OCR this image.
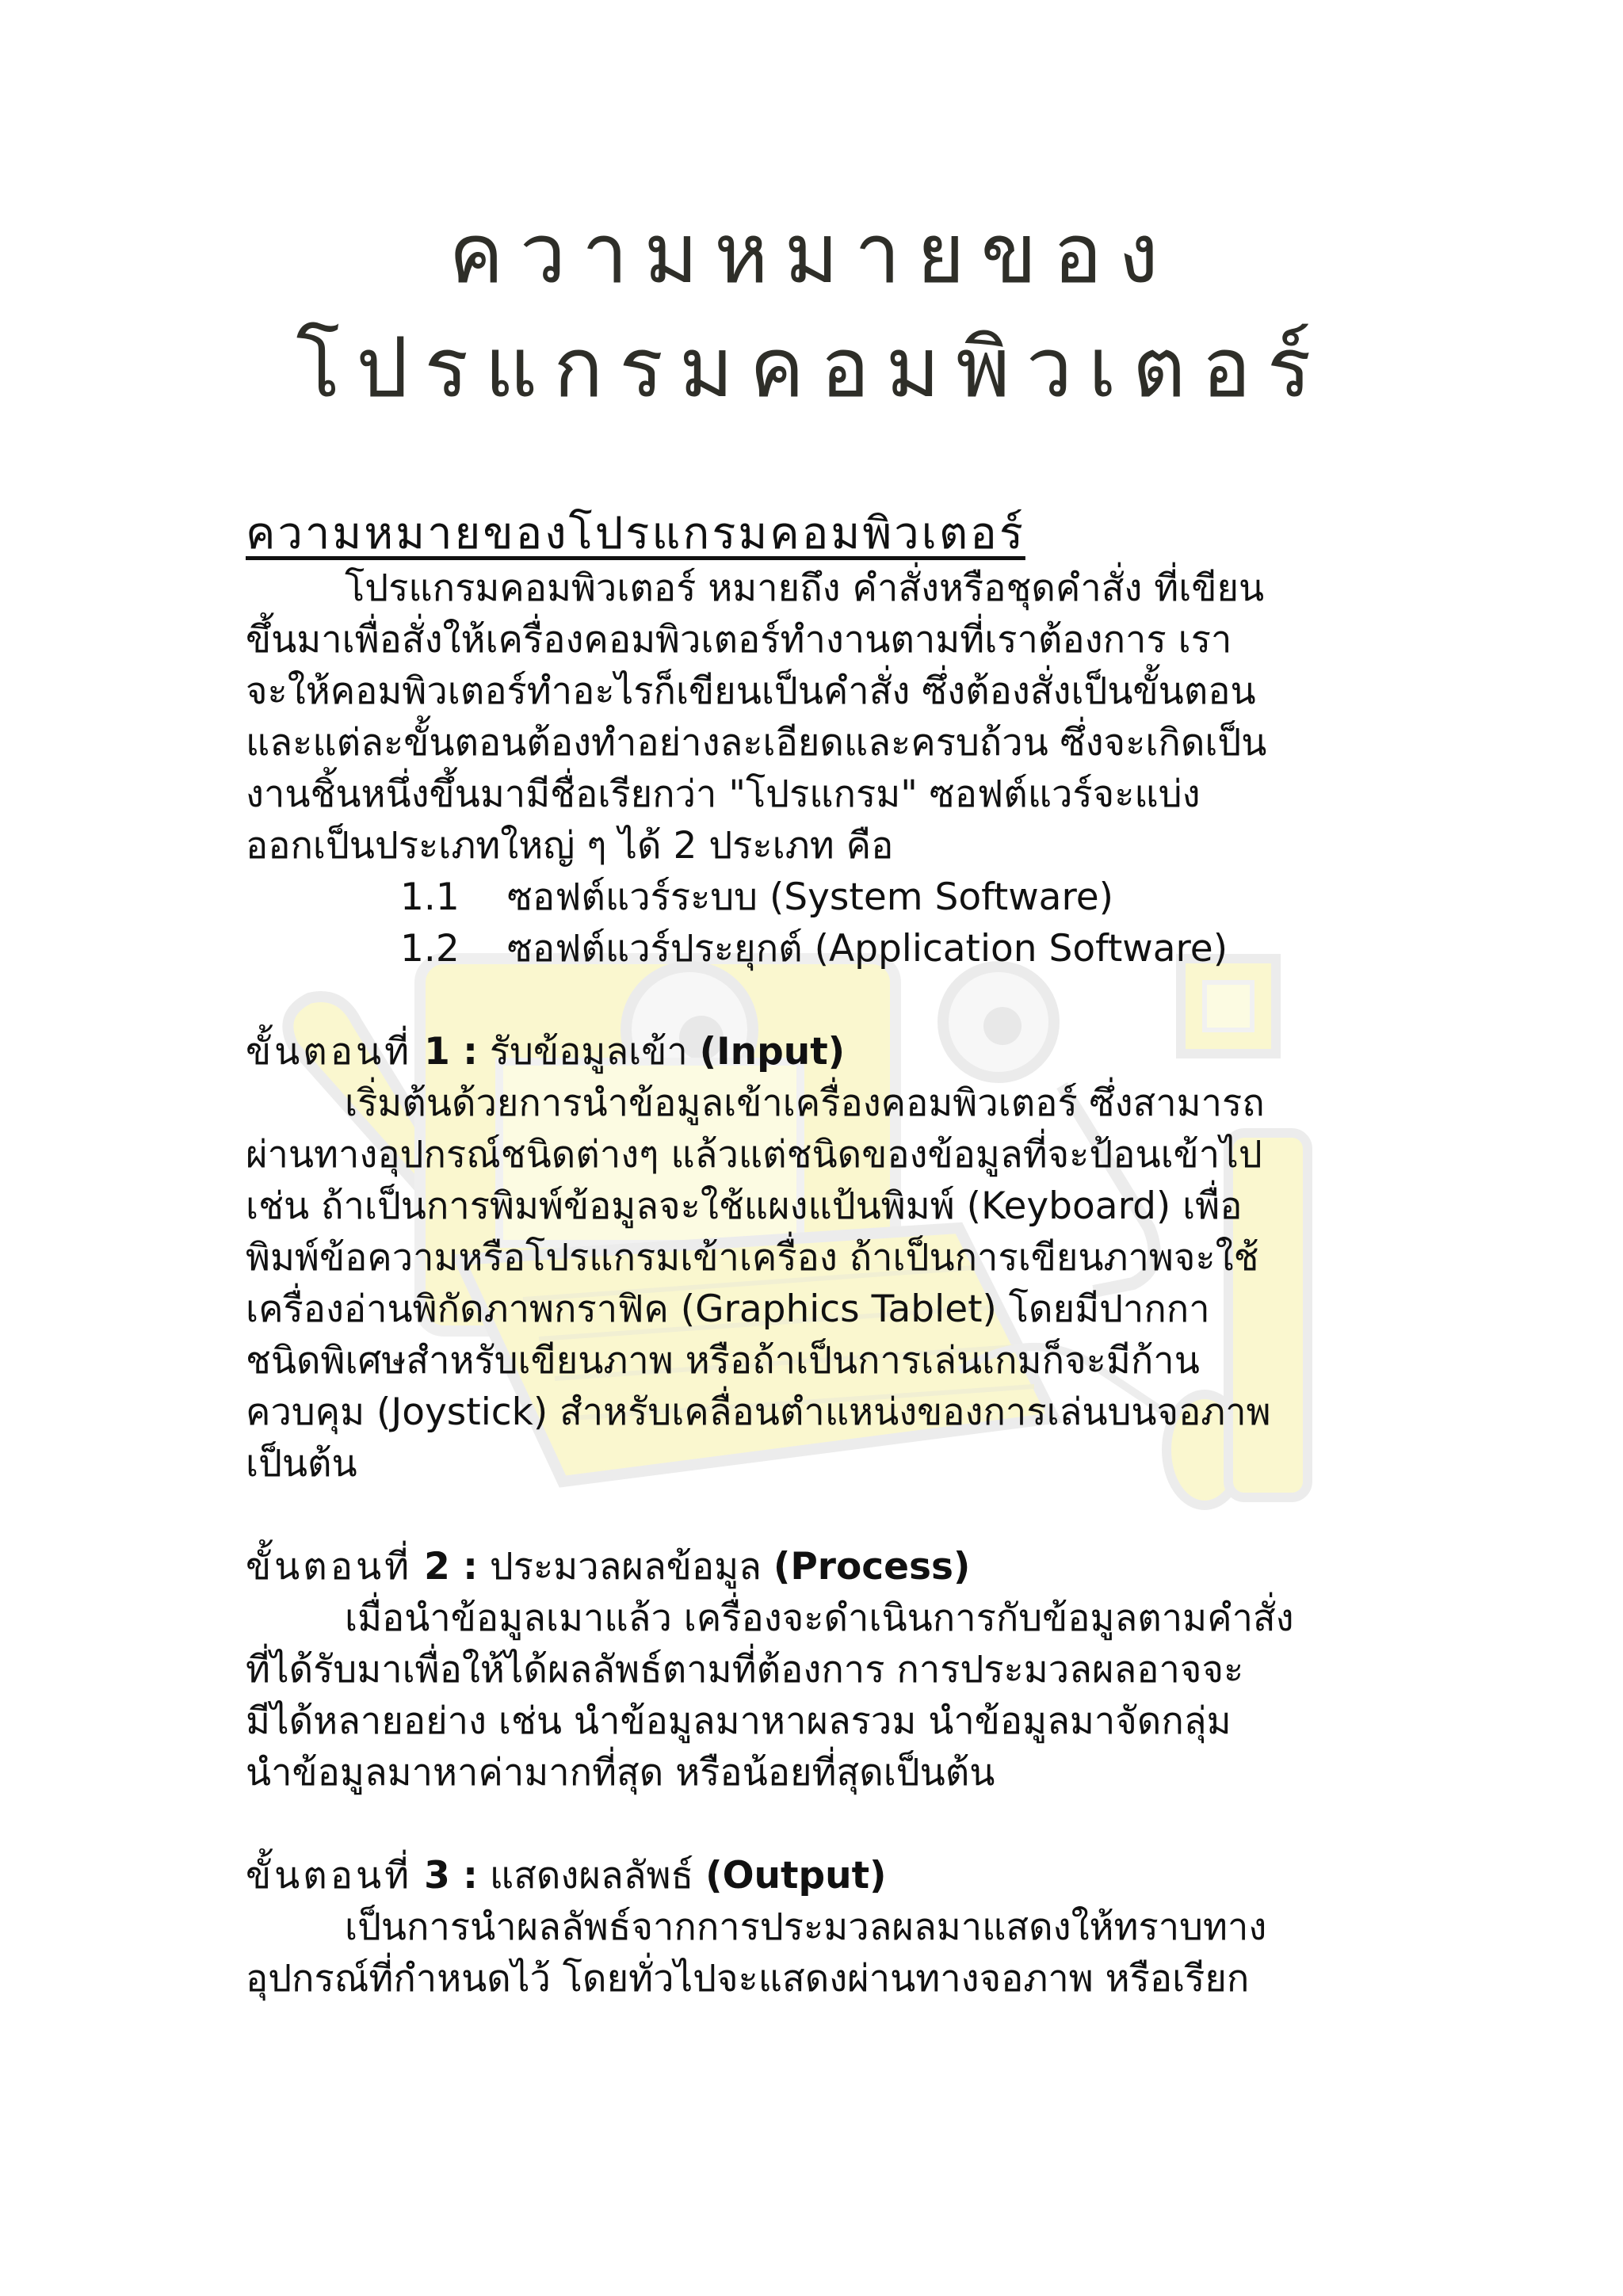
ความหมายของ
โปรแกรมคอมพิวเตอร์
ความหมายของโปรแกรมคอมพิวเตอร์

โปรแกรมคอมพิวเตอร์ หมายถึง คำสั่งหรือชุดคำสั่ง ที่เขียน
ขึ้นมาเพื่อสั่งให้เครื่องคอมพิวเตอร์ทำงานตามที่เราต้องการ เรา
จะให้คอมพิวเตอร์ทำอะไรก็เขียนเป็นคำสั่ง ซึ่งต้องสั่งเป็นขั้นตอน
และแต่ละขั้นตอนต้องทำอย่างละเอียดและครบถ้วน ซึ่งจะเกิดเป็น
งานชิ้นหนึ่งขึ้นมามีชื่อเรียกว่า "โปรแกรม" ซอฟต์แวร์จะแบ่ง
ออกเป็นประเภทใหญ่ ๆ ได้ 2 ประเภท คือ

1.1 ซอฟต์แวร์ระบบ (System Software)
1.2 ซอฟต์แวร์ประยุกต์ (Application Software)
ขั้นตอนที่ 1 : รับข้อมูลเข้า (Input)

เริ่มต้นด้วยการนำข้อมูลเข้าเครื่องคอมพิวเตอร์ ซึ่งสามารถ
ผ่านทางอุปกรณ์ชนิดต่างๆ แล้วแต่ชนิดของข้อมูลที่จะป้อนเข้าไป
เช่น ถ้าเป็นการพิมพ์ข้อมูลจะใช้แผงแป้นพิมพ์ (Keyboard) เพื่อ
พิมพ์ข้อความหรือโปรแกรมเข้าเครื่อง ถ้าเป็นการเขียนภาพจะใช้
เครื่องอ่านพิกัดภาพกราฟิค (Graphics Tablet) โดยมีปากกา
ชนิดพิเศษสำหรับเขียนภาพ หรือถ้าเป็นการเล่นเกมก็จะมีก้าน
ควบคุม (Joystick) สำหรับเคลื่อนตำแหน่งของการเล่นบนจอภาพ
เป็นต้น

ขั้นตอนที่ 2 : ประมวลผลข้อมูล (Process)

เมื่อนำข้อมูลเมาแล้ว เครื่องจะดำเนินการกับข้อมูลตามคำสั่ง
ที่ได้รับมาเพื่อให้ได้ผลลัพธ์ตามที่ต้องการ การประมวลผลอาจจะ
มีได้หลายอย่าง เช่น นำข้อมูลมาหาผลรวม นำข้อมูลมาจัดกลุ่ม
นำข้อมูลมาหาค่ามากที่สุด หรือน้อยที่สุดเป็นต้น

ขั้นตอนที่ 3 : แสดงผลลัพธ์ (Output)

เป็นการนำผลลัพธ์จากการประมวลผลมาแสดงให้ทราบทาง
อุปกรณ์ที่กำหนดไว้ โดยทั่วไปจะแสดงผ่านทางจอภาพ หรือเรียก
